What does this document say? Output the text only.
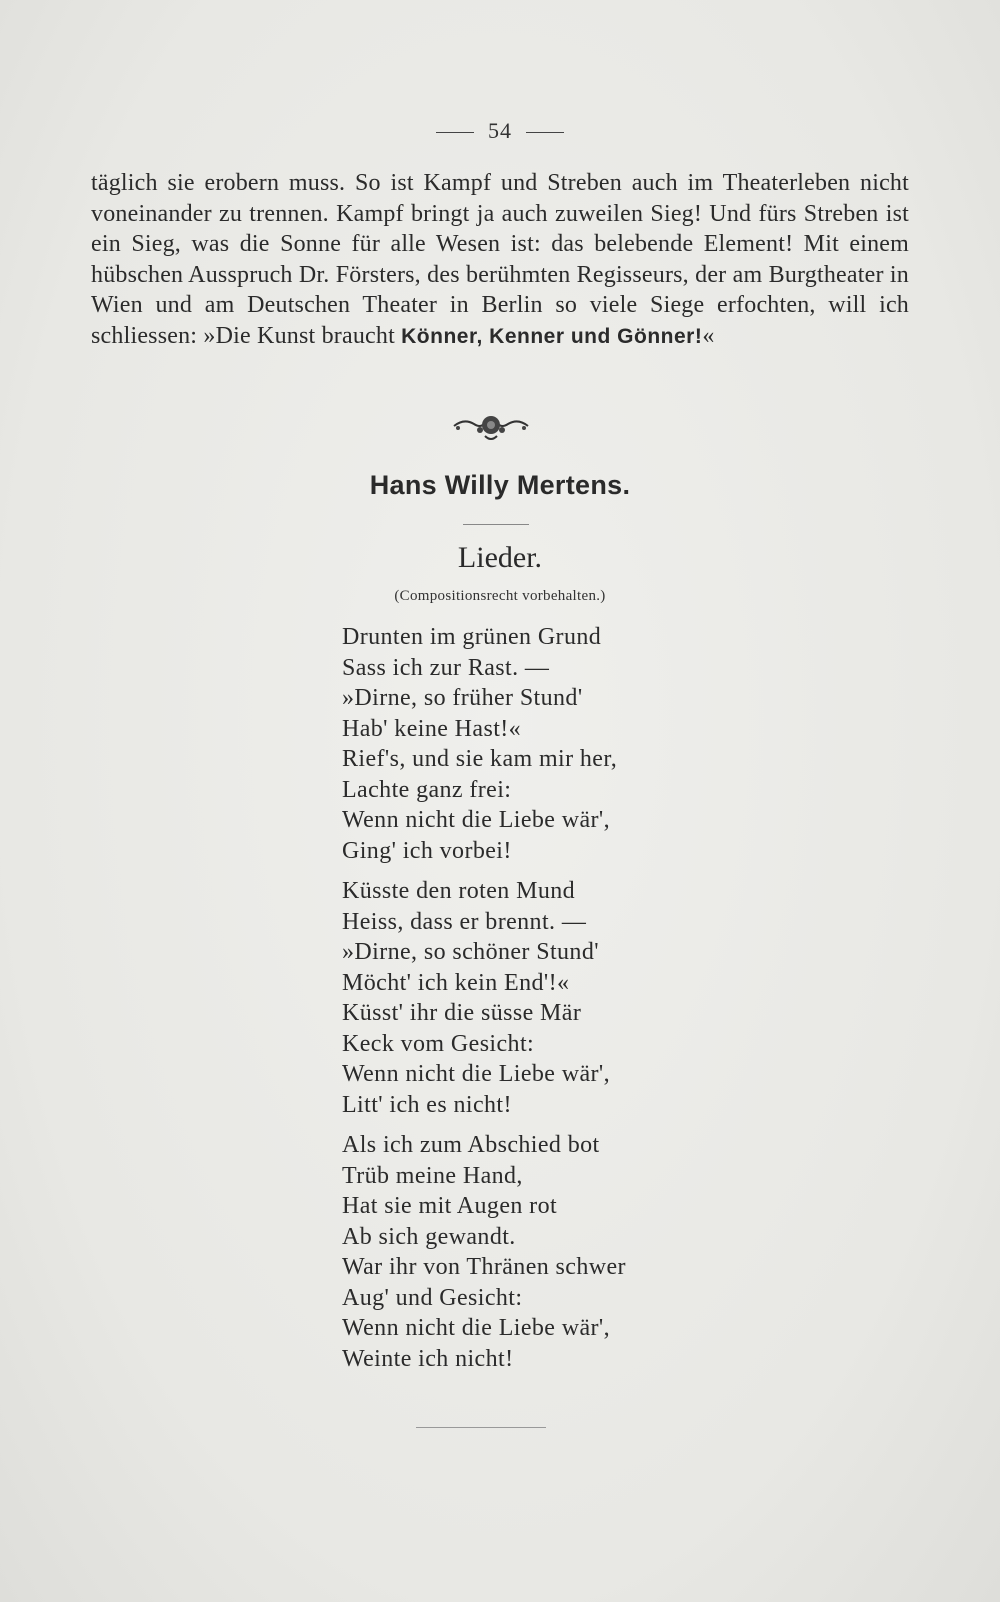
54
täglich sie erobern muss. So ist Kampf und Streben auch im Theaterleben nicht voneinander zu trennen. Kampf bringt ja auch zuweilen Sieg! Und fürs Streben ist ein Sieg, was die Sonne für alle Wesen ist: das belebende Element! Mit einem hübschen Ausspruch Dr. Försters, des berühmten Regisseurs, der am Burgtheater in Wien und am Deutschen Theater in Berlin so viele Siege erfochten, will ich schliessen: »Die Kunst braucht Könner, Kenner und Gönner!«
Hans Willy Mertens.
Lieder.
(Compositionsrecht vorbehalten.)
Drunten im grünen Grund
Sass ich zur Rast. —
»Dirne, so früher Stund'
Hab' keine Hast!«
Rief's, und sie kam mir her,
Lachte ganz frei:
Wenn nicht die Liebe wär',
Ging' ich vorbei!
Küsste den roten Mund
Heiss, dass er brennt. —
»Dirne, so schöner Stund'
Möcht' ich kein End'!«
Küsst' ihr die süsse Mär
Keck vom Gesicht:
Wenn nicht die Liebe wär',
Litt' ich es nicht!
Als ich zum Abschied bot
Trüb meine Hand,
Hat sie mit Augen rot
Ab sich gewandt.
War ihr von Thränen schwer
Aug' und Gesicht:
Wenn nicht die Liebe wär',
Weinte ich nicht!
